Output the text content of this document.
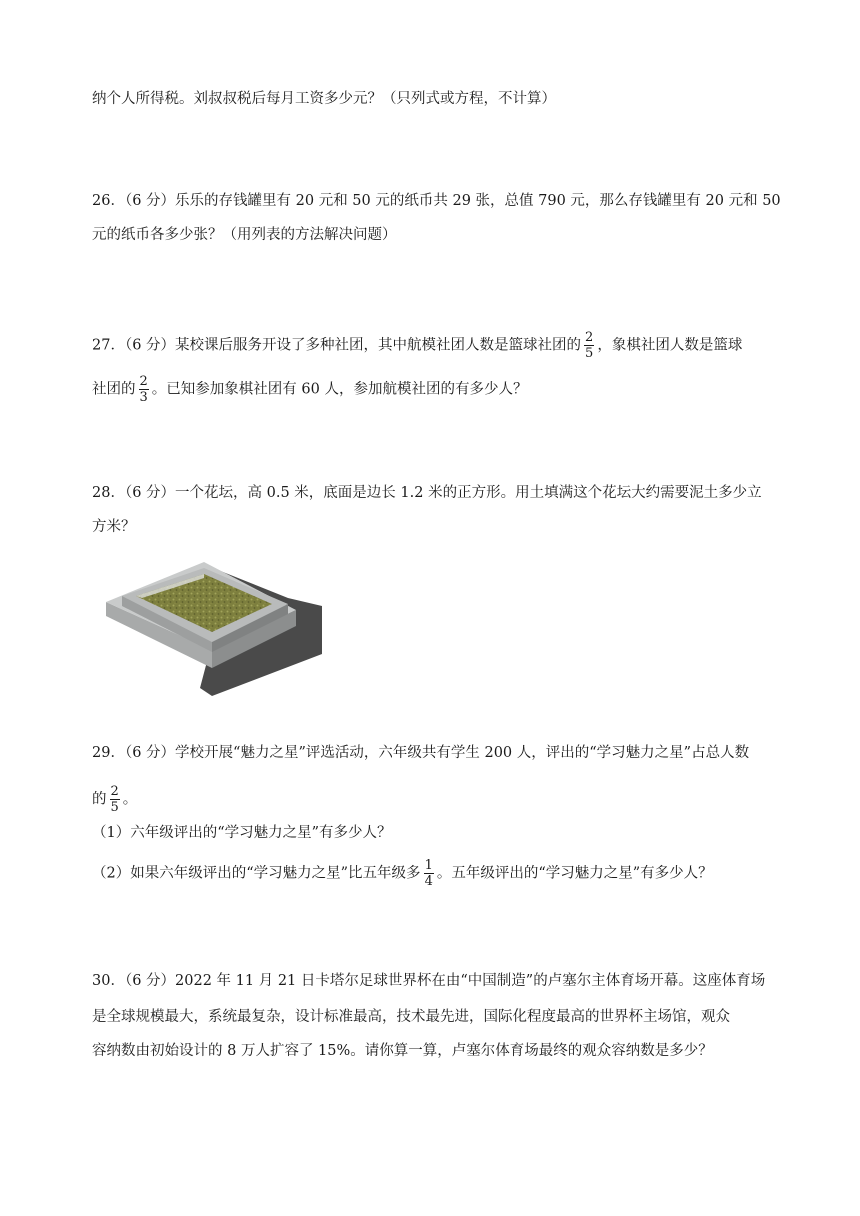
纳个人所得税。刘叔叔税后每月工资多少元？（只列式或方程，不计算）
26．（6 分）乐乐的存钱罐里有 20 元和 50 元的纸币共 29 张，总值 790 元，那么存钱罐里有 20 元和 50
元的纸币各多少张？（用列表的方法解决问题）
27．（6 分）某校课后服务开设了多种社团，其中航模社团人数是篮球社团的 $\frac{2}{5}$ ，象棋社团人数是篮球
社团的 $\frac{2}{3}$ 。已知参加象棋社团有 60 人，参加航模社团的有多少人？
28．（6 分）一个花坛，高 0.5 米，底面是边长 1.2 米的正方形。用土填满这个花坛大约需要泥土多少立
方米？
29．（6 分）学校开展“魅力之星”评选活动，六年级共有学生 200 人，评出的“学习魅力之星”占总人数
的 $\frac{2}{5}$ 。
（1）六年级评出的“学习魅力之星”有多少人？
（2）如果六年级评出的“学习魅力之星”比五年级多 $\frac{1}{4}$ 。五年级评出的“学习魅力之星”有多少人？
30．（6 分）2022 年 11 月 21 日卡塔尔足球世界杯在由“中国制造”的卢塞尔主体育场开幕。这座体育场
是全球规模最大，系统最复杂，设计标准最高，技术最先进，国际化程度最高的世界杯主场馆，观众
容纳数由初始设计的 8 万人扩容了 15%。请你算一算，卢塞尔体育场最终的观众容纳数是多少？
